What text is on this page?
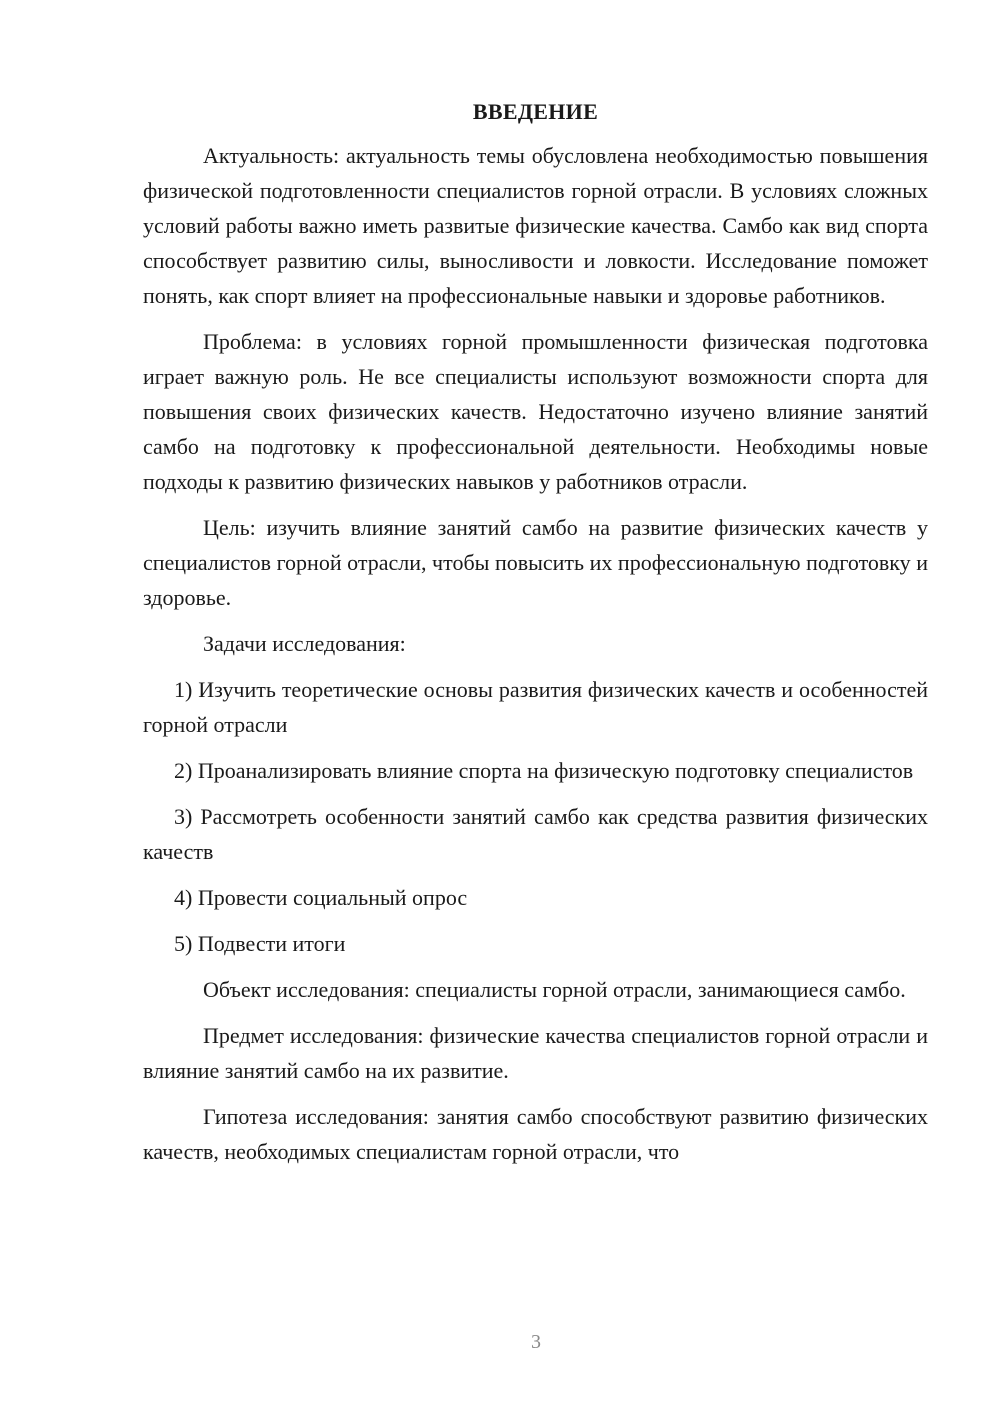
ВВЕДЕНИЕ

Актуальность: актуальность темы обусловлена необходимостью повышения физической подготовленности специалистов горной отрасли. В условиях сложных условий работы важно иметь развитые физические качества. Самбо как вид спорта способствует развитию силы, выносливости и ловкости. Исследование поможет понять, как спорт влияет на профессиональные навыки и здоровье работников.

Проблема: в условиях горной промышленности физическая подготовка играет важную роль. Не все специалисты используют возможности спорта для повышения своих физических качеств. Недостаточно изучено влияние занятий самбо на подготовку к профессиональной деятельности. Необходимы новые подходы к развитию физических навыков у работников отрасли.

Цель: изучить влияние занятий самбо на развитие физических качеств у специалистов горной отрасли, чтобы повысить их профессиональную подготовку и здоровье.

Задачи исследования:

1) Изучить теоретические основы развития физических качеств и особенностей горной отрасли

2) Проанализировать влияние спорта на физическую подготовку специалистов

3) Рассмотреть особенности занятий самбо как средства развития физических качеств

4) Провести социальный опрос

5) Подвести итоги

Объект исследования: специалисты горной отрасли, занимающиеся самбо.

Предмет исследования: физические качества специалистов горной отрасли и влияние занятий самбо на их развитие.

Гипотеза исследования: занятия самбо способствуют развитию физических качеств, необходимых специалистам горной отрасли, что

3
